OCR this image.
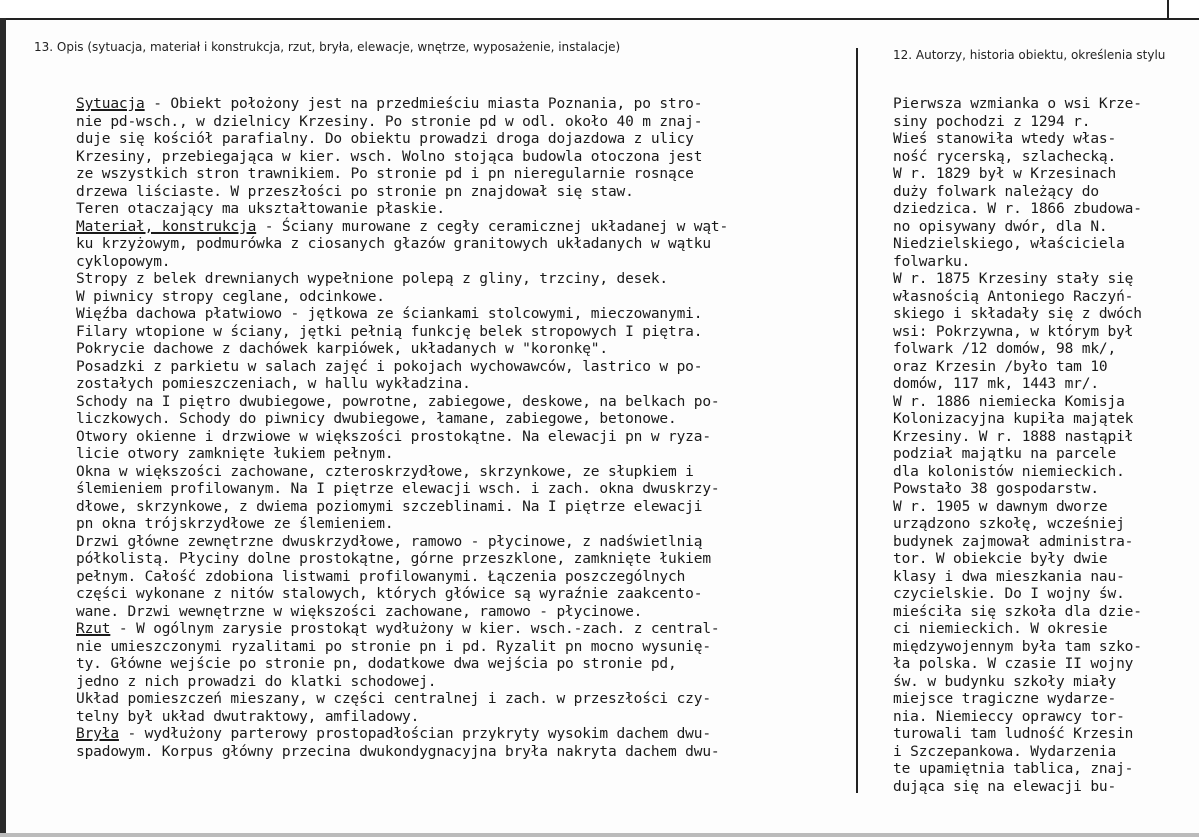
13. Opis (sytuacja, materiał i konstrukcja, rzut, bryła, elewacje, wnętrze, wyposażenie, instalacje)
12. Autorzy, historia obiektu, określenia stylu
Sytuacja - Obiekt położony jest na przedmieściu miasta Poznania, po stro-
nie pd-wsch., w dzielnicy Krzesiny. Po stronie pd w odl. około 40 m znaj-
duje się kościół parafialny. Do obiektu prowadzi droga dojazdowa z ulicy
Krzesiny, przebiegająca w kier. wsch. Wolno stojąca budowla otoczona jest
ze wszystkich stron trawnikiem. Po stronie pd i pn nieregularnie rosnące
drzewa liściaste. W przeszłości po stronie pn znajdował się staw.
Teren otaczający ma ukształtowanie płaskie.
Materiał, konstrukcja - Ściany murowane z cegły ceramicznej układanej w wąt-
ku krzyżowym, podmurówka z ciosanych głazów granitowych układanych w wątku
cyklopowym.
Stropy z belek drewnianych wypełnione polepą z gliny, trzciny, desek.
W piwnicy stropy ceglane, odcinkowe.
Więźba dachowa płatwiowo - jętkowa ze ściankami stolcowymi, mieczowanymi.
Filary wtopione w ściany, jętki pełnią funkcję belek stropowych I piętra.
Pokrycie dachowe z dachówek karpiówek, układanych w "koronkę".
Posadzki z parkietu w salach zajęć i pokojach wychowawców, lastrico w po-
zostałych pomieszczeniach, w hallu wykładzina.
Schody na I piętro dwubiegowe, powrotne, zabiegowe, deskowe, na belkach po-
liczkowych. Schody do piwnicy dwubiegowe, łamane, zabiegowe, betonowe.
Otwory okienne i drzwiowe w większości prostokątne. Na elewacji pn w ryza-
licie otwory zamknięte łukiem pełnym.
Okna w większości zachowane, czteroskrzydłowe, skrzynkowe, ze słupkiem i
ślemieniem profilowanym. Na I piętrze elewacji wsch. i zach. okna dwuskrzy-
dłowe, skrzynkowe, z dwiema poziomymi szczeblinami. Na I piętrze elewacji
pn okna trójskrzydłowe ze ślemieniem.
Drzwi główne zewnętrzne dwuskrzydłowe, ramowo - płycinowe, z nadświetlnią
półkolistą. Płyciny dolne prostokątne, górne przeszklone, zamknięte łukiem
pełnym. Całość zdobiona listwami profilowanymi. Łączenia poszczególnych
części wykonane z nitów stalowych, których główice są wyraźnie zaakcento-
wane. Drzwi wewnętrzne w większości zachowane, ramowo - płycinowe.
Rzut - W ogólnym zarysie prostokąt wydłużony w kier. wsch.-zach. z central-
nie umieszczonymi ryzalitami po stronie pn i pd. Ryzalit pn mocno wysunię-
ty. Główne wejście po stronie pn, dodatkowe dwa wejścia po stronie pd,
jedno z nich prowadzi do klatki schodowej.
Układ pomieszczeń mieszany, w części centralnej i zach. w przeszłości czy-
telny był układ dwutraktowy, amfiladowy.
Bryła - wydłużony parterowy prostopadłościan przykryty wysokim dachem dwu-
spadowym. Korpus główny przecina dwukondygnacyjna bryła nakryta dachem dwu-
Pierwsza wzmianka o wsi Krze-
siny pochodzi z 1294 r.
Wieś stanowiła wtedy włas-
ność rycerską, szlachecką.
W r. 1829 był w Krzesinach
duży folwark należący do
dziedzica. W r. 1866 zbudowa-
no opisywany dwór, dla N.
Niedzielskiego, właściciela
folwarku.
W r. 1875 Krzesiny stały się
własnością Antoniego Raczyń-
skiego i składały się z dwóch
wsi: Pokrzywna, w którym był
folwark /12 domów, 98 mk/,
oraz Krzesin /było tam 10
domów, 117 mk, 1443 mr/.
W r. 1886 niemiecka Komisja
Kolonizacyjna kupiła majątek
Krzesiny. W r. 1888 nastąpił
podział majątku na parcele
dla kolonistów niemieckich.
Powstało 38 gospodarstw.
W r. 1905 w dawnym dworze
urządzono szkołę, wcześniej
budynek zajmował administra-
tor. W obiekcie były dwie
klasy i dwa mieszkania nau-
czycielskie. Do I wojny św.
mieściła się szkoła dla dzie-
ci niemieckich. W okresie
międzywojennym była tam szko-
ła polska. W czasie II wojny
św. w budynku szkoły miały
miejsce tragiczne wydarze-
nia. Niemieccy oprawcy tor-
turowali tam ludność Krzesin
i Szczepankowa. Wydarzenia
te upamiętnia tablica, znaj-
dująca się na elewacji bu-
